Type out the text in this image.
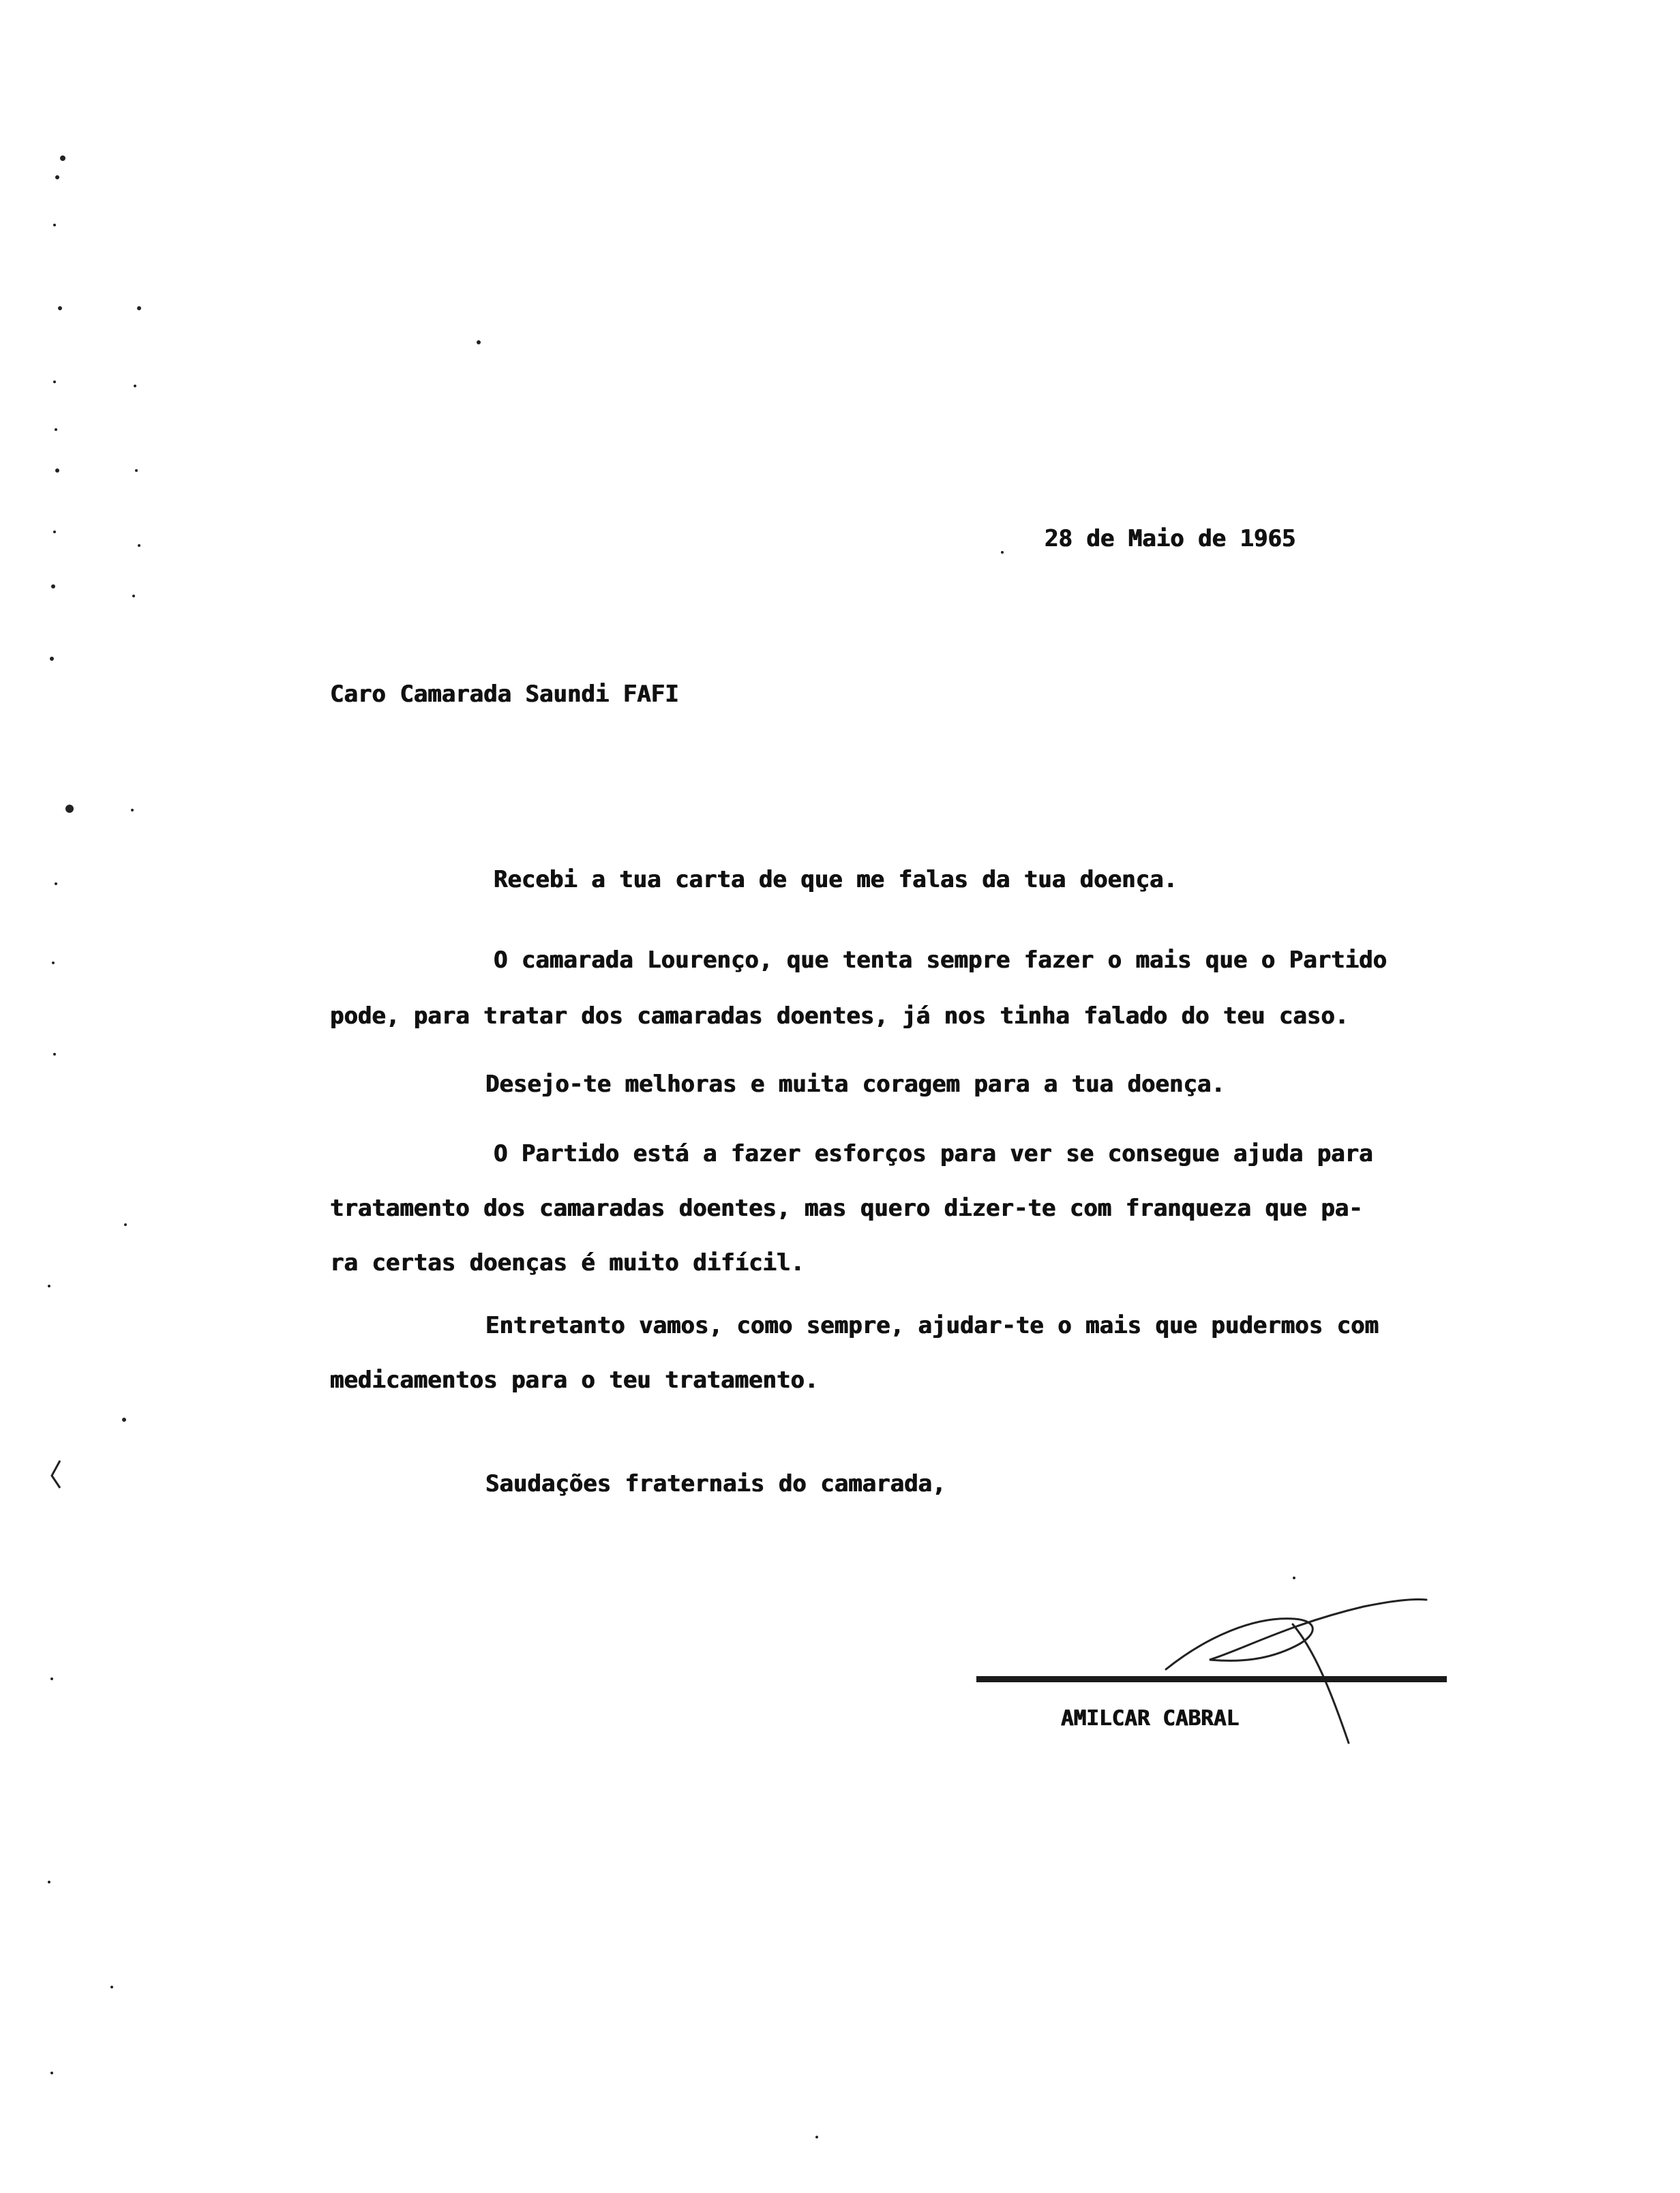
28 de Maio de 1965
Caro Camarada Saundi FAFI
Recebi a tua carta de que me falas da tua doença.
O camarada Lourenço, que tenta sempre fazer o mais que o Partido
pode, para tratar dos camaradas doentes, já nos tinha falado do teu caso.
Desejo-te melhoras e muita coragem para a tua doença.
O Partido está a fazer esforços para ver se consegue ajuda para
tratamento dos camaradas doentes, mas quero dizer-te com franqueza que pa-
ra certas doenças é muito difícil.
Entretanto vamos, como sempre, ajudar-te o mais que pudermos com
medicamentos para o teu tratamento.
Saudações fraternais do camarada,
AMILCAR CABRAL
